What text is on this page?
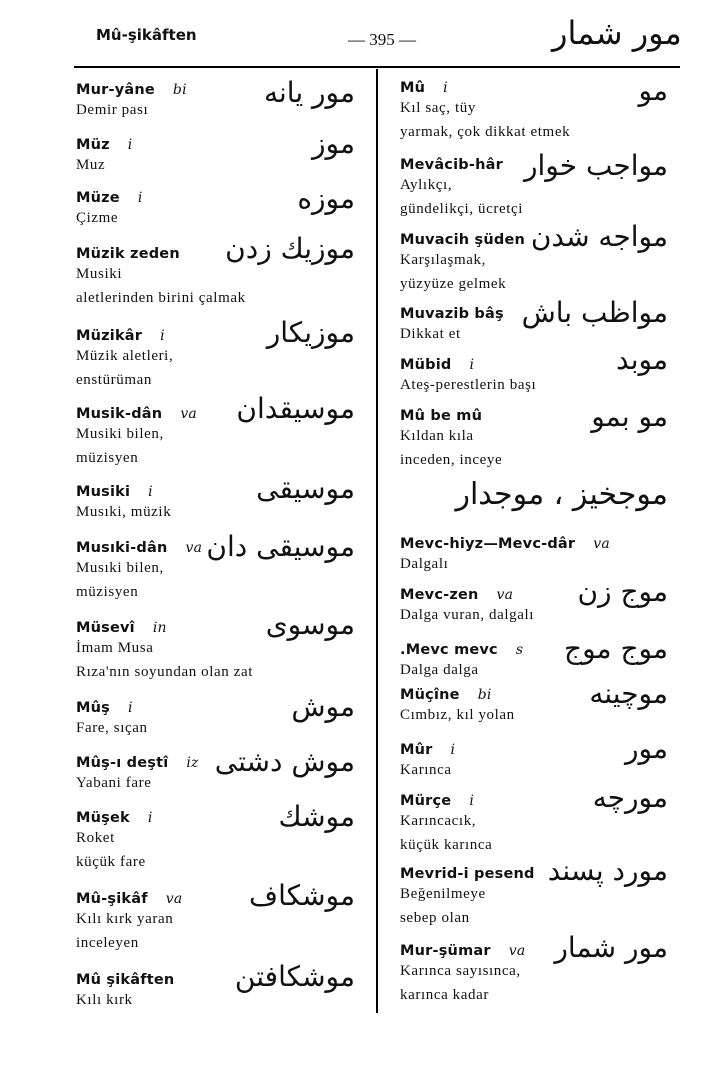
Mû-şikâften	— 395 —	مور شمار
Mur-yâne bi
Demir pası
مور يانه
Müz i
Muz
موز
Müze i
Çizme
موزه
Müzik zeden
Musiki
aletlerinden birini çalmak
موزيك زدن
Müzikâr i
Müzik aletleri,
enstürüman
موزيكار
Musik-dân va
Musiki bilen,
müzisyen
موسيقدان
Musiki i
Musıki, müzik
موسيقى
Musıki-dân va
Musıki bilen,
müzisyen
موسيقى دان
Müsevî in
İmam Musa
Rıza'nın soyundan olan zat
موسوى
Mûş i
Fare, sıçan
موش
Mûş-ı deştî iz
Yabani fare
موش دشتى
Müşek i
Roket
küçük fare
موشك
Mû-şikâf va
Kılı kırk yaran
inceleyen
موشكاف
Mû şikâften
Kılı kırk
موشكافتن
Mû i
Kıl saç, tüy
yarmak, çok dikkat etmek
مو
Mevâcib-hâr
Aylıkçı,
gündelikçi, ücretçi
مواجب خوار
Muvacih şüden
Karşılaşmak,
yüzyüze gelmek
مواجه شدن
Muvazib bâş
Dikkat et
مواظب باش
Mübid i
Ateş-perestlerin başı
موبد
Mû be mû
Kıldan kıla
inceden, inceye
مو بمو
موجخيز ، موجدار
Mevc-hiyz—Mevc-dâr va
Dalgalı
Mevc-zen va
Dalga vuran, dalgalı
موج زن
.Mevc mevc s
Dalga dalga
موج موج
Müçîne bi
Cımbız, kıl yolan
موچينه
Mûr i
Karınca
مور
Mürçe i
Karıncacık,
küçük karınca
مورچه
Mevrid-i pesend
Beğenilmeye
sebep olan
مورد پسند
Mur-şümar va
Karınca sayısınca,
karınca kadar
مور شمار
